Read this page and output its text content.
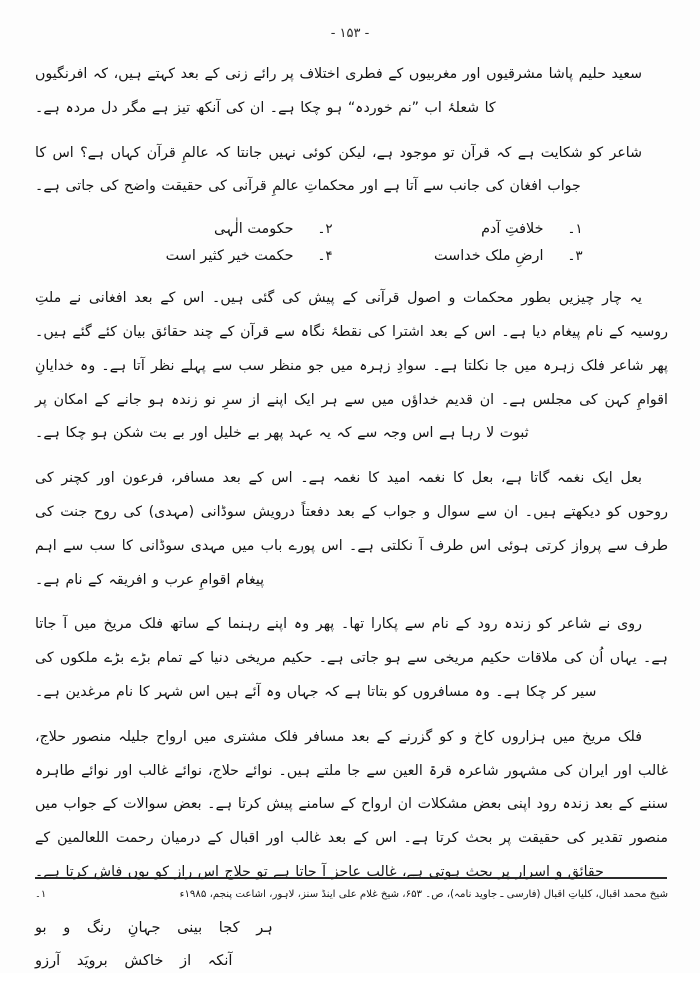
- ۱۵۳ -

سعید حلیم پاشا مشرقیوں اور مغربیوں کے فطری اختلاف پر رائے زنی کے بعد کہتے ہیں، کہ افرنگیوں کا شعلۂ اب ”نم خوردہ“ ہو چکا ہے۔ ان کی آنکھ تیز ہے مگر دل مردہ ہے۔

شاعر کو شکایت ہے کہ قرآن تو موجود ہے، لیکن کوئی نہیں جانتا کہ عالمِ قرآن کہاں ہے؟ اس کا جواب افغان کی جانب سے آتا ہے اور محکماتِ عالمِ قرآنی کی حقیقت واضح کی جاتی ہے۔

۱۔
خلافتِ آدم
۲۔
حکومت الٰہی
۳۔
ارضِ ملک خداست
۴۔
حکمت خیر کثیر است

یہ چار چیزیں بطور محکمات و اصول قرآنی کے پیش کی گئی ہیں۔ اس کے بعد افغانی نے ملتِ روسیہ کے نام پیغام دیا ہے۔ اس کے بعد اشترا کی نقطۂ نگاہ سے قرآن کے چند حقائق بیان کئے گئے ہیں۔ پھر شاعر فلک زہرہ میں جا نکلتا ہے۔ سوادِ زہرہ میں جو منظر سب سے پہلے نظر آتا ہے۔ وہ خدایانِ اقوامِ کہن کی مجلس ہے۔ ان قدیم خداؤں میں سے ہر ایک اپنے از سرِ نو زندہ ہو جانے کے امکان پر ثبوت لا رہا ہے اس وجہ سے کہ یہ عہد پھر بے خلیل اور بے بت شکن ہو چکا ہے۔

بعل ایک نغمہ گاتا ہے، بعل کا نغمہ امید کا نغمہ ہے۔ اس کے بعد مسافر، فرعون اور کچنر کی روحوں کو دیکھتے ہیں۔ ان سے سوال و جواب کے بعد دفعتاً درویش سوڈانی (مہدی) کی روح جنت کی طرف سے پرواز کرتی ہوئی اس طرف آ نکلتی ہے۔ اس پورے باب میں مہدی سوڈانی کا سب سے اہم پیغام اقوامِ عرب و افریقہ کے نام ہے۔

روی نے شاعر کو زندہ رود کے نام سے پکارا تھا۔ پھر وہ اپنے رہنما کے ساتھ فلک مریخ میں آ جاتا ہے۔ یہاں اُن کی ملاقات حکیم مریخی سے ہو جاتی ہے۔ حکیم مریخی دنیا کے تمام بڑے بڑے ملکوں کی سیر کر چکا ہے۔ وہ مسافروں کو بتاتا ہے کہ جہاں وہ آئے ہیں اس شہر کا نام مرغدین ہے۔

فلک مریخ میں ہزاروں کاخ و کو گزرنے کے بعد مسافر فلک مشتری میں ارواح جلیلہ منصور حلاج، غالب اور ایران کی مشہور شاعرہ قرۃ العین سے جا ملتے ہیں۔ نوائے حلاج، نوائے غالب اور نوائے طاہرہ سننے کے بعد زندہ رود اپنی بعض مشکلات ان ارواح کے سامنے پیش کرتا ہے۔ بعض سوالات کے جواب میں منصور تقدیر کی حقیقت پر بحث کرتا ہے۔ اس کے بعد غالب اور اقبال کے درمیان رحمت اللعالمین کے حقائق و اسرار پر بحث ہوتی ہے، غالب عاجز آ جاتا ہے تو حلاج اس راز کو یوں فاش کرتا ہے۔

ہر کجا بینی جہانِ رنگ و بو
آنکہ از خاکش برویَد آرزو
شیخ محمد اقبال، کلیاتِ اقبال (فارسی ـ جاوید نامہ)، ص۔ ۶۵۳، شیخ غلام علی اینڈ سنز، لاہور، اشاعت پنجم، ۱۹۸۵ء
۱۔
